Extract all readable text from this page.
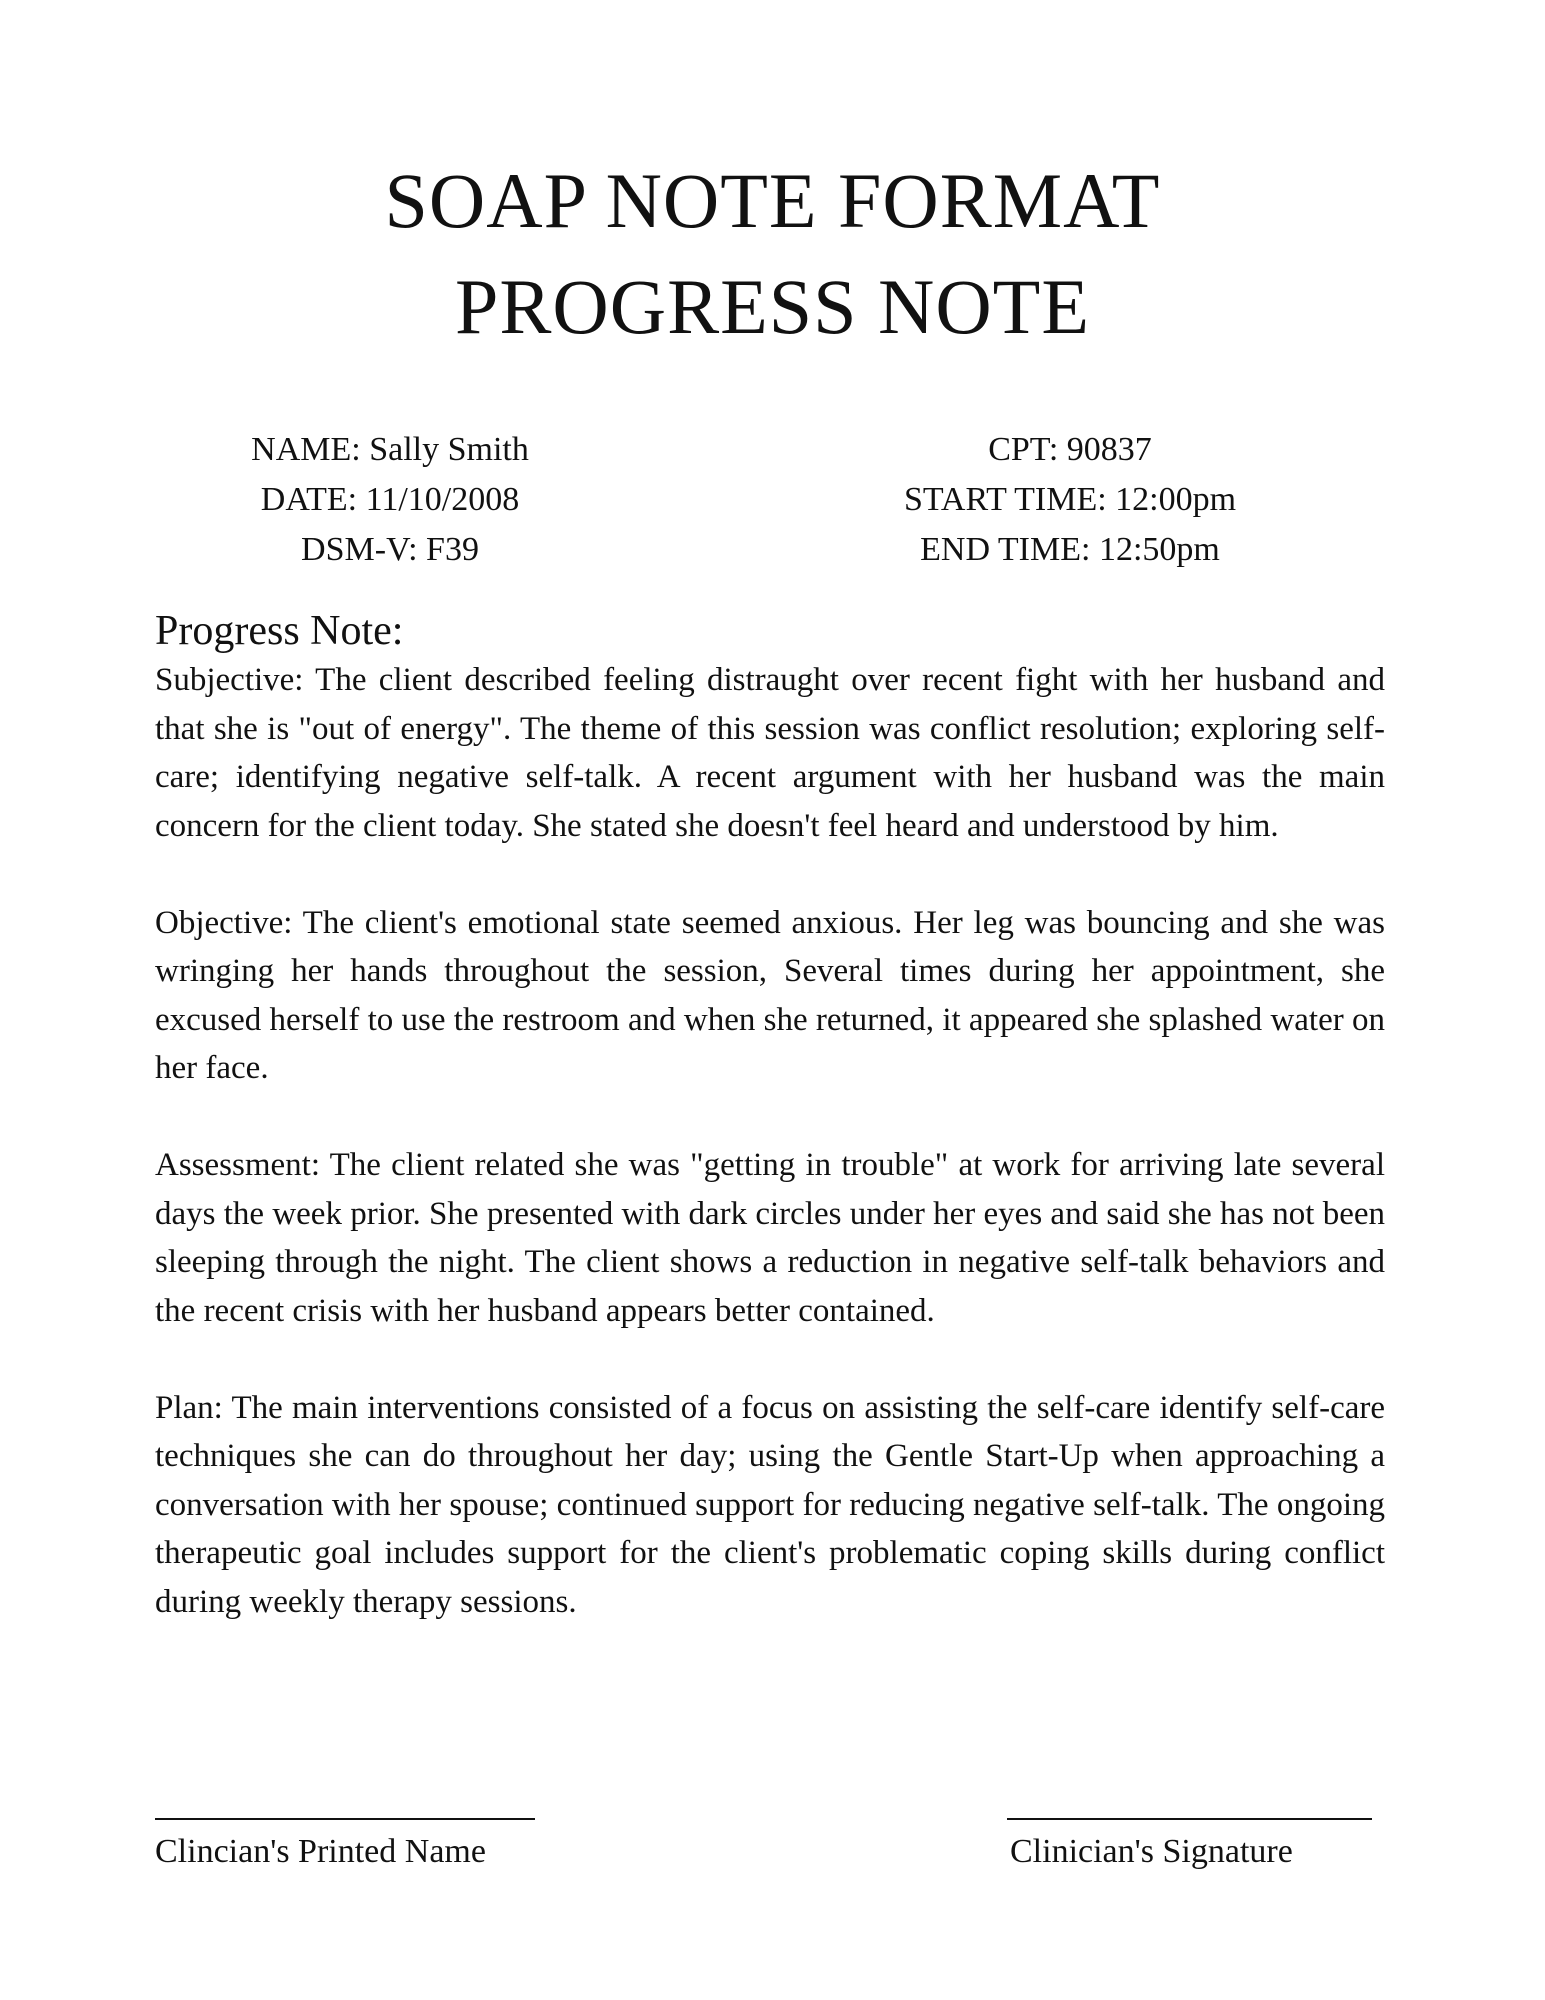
SOAP NOTE FORMAT
PROGRESS NOTE
NAME: Sally Smith
DATE: 11/10/2008
DSM-V: F39
CPT: 90837
START TIME: 12:00pm
END TIME: 12:50pm
Progress Note:

Subjective: The client described feeling distraught over recent fight with her husband and that she is "out of energy". The theme of this session was conflict resolution; exploring self-care; identifying negative self-talk. A recent argument with her husband was the main concern for the client today. She stated she doesn't feel heard and understood by him.

Objective: The client's emotional state seemed anxious. Her leg was bouncing and she was wringing her hands throughout the session, Several times during her appointment, she excused herself to use the restroom and when she returned, it appeared she splashed water on her face.

Assessment: The client related she was "getting in trouble" at work for arriving late several days the week prior. She presented with dark circles under her eyes and said she has not been sleeping through the night. The client shows a reduction in negative self-talk behaviors and the recent crisis with her husband appears better contained.

Plan: The main interventions consisted of a focus on assisting the self-care identify self-care techniques she can do throughout her day; using the Gentle Start-Up when approaching a conversation with her spouse; continued support for reducing negative self-talk. The ongoing therapeutic goal includes support for the client's problematic coping skills during conflict during weekly therapy sessions.

Clincian's Printed Name	Clinician's Signature
